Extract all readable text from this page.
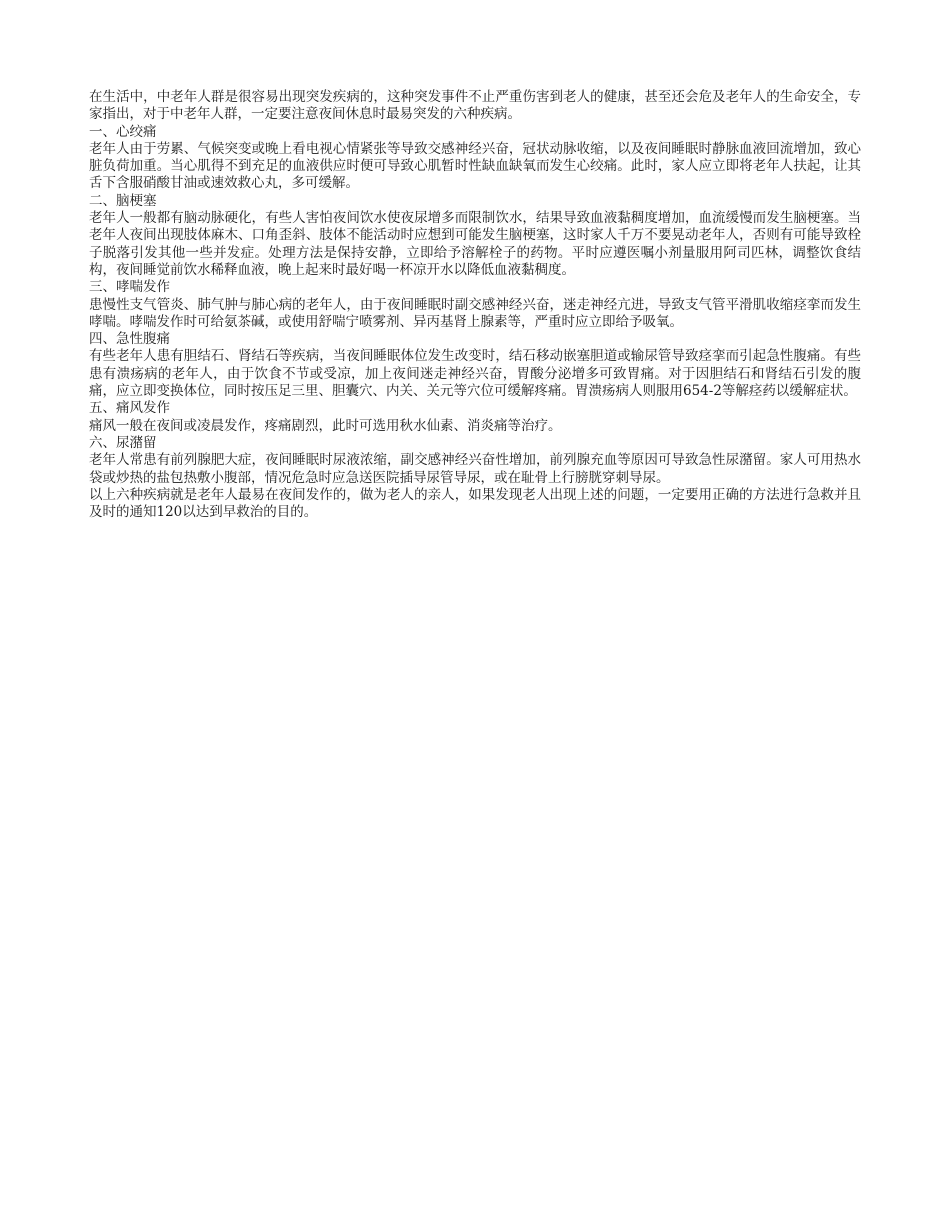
在生活中，中老年人群是很容易出现突发疾病的，这种突发事件不止严重伤害到老人的健康，甚至还会危及老年人的生命安全，专家指出，对于中老年人群，一定要注意夜间休息时最易突发的六种疾病。

一、心绞痛

老年人由于劳累、气候突变或晚上看电视心情紧张等导致交感神经兴奋，冠状动脉收缩，以及夜间睡眠时静脉血液回流增加，致心脏负荷加重。当心肌得不到充足的血液供应时便可导致心肌暂时性缺血缺氧而发生心绞痛。此时，家人应立即将老年人扶起，让其舌下含服硝酸甘油或速效救心丸，多可缓解。

二、脑梗塞

老年人一般都有脑动脉硬化，有些人害怕夜间饮水使夜尿增多而限制饮水，结果导致血液黏稠度增加，血流缓慢而发生脑梗塞。当老年人夜间出现肢体麻木、口角歪斜、肢体不能活动时应想到可能发生脑梗塞，这时家人千万不要晃动老年人，否则有可能导致栓子脱落引发其他一些并发症。处理方法是保持安静，立即给予溶解栓子的药物。平时应遵医嘱小剂量服用阿司匹林，调整饮食结构，夜间睡觉前饮水稀释血液，晚上起来时最好喝一杯凉开水以降低血液黏稠度。

三、哮喘发作

患慢性支气管炎、肺气肿与肺心病的老年人，由于夜间睡眠时副交感神经兴奋，迷走神经亢进，导致支气管平滑肌收缩痉挛而发生哮喘。哮喘发作时可给氨茶碱，或使用舒喘宁喷雾剂、异丙基肾上腺素等，严重时应立即给予吸氧。

四、急性腹痛

有些老年人患有胆结石、肾结石等疾病，当夜间睡眠体位发生改变时，结石移动嵌塞胆道或输尿管导致痉挛而引起急性腹痛。有些患有溃疡病的老年人，由于饮食不节或受凉，加上夜间迷走神经兴奋，胃酸分泌增多可致胃痛。对于因胆结石和肾结石引发的腹痛，应立即变换体位，同时按压足三里、胆囊穴、内关、关元等穴位可缓解疼痛。胃溃疡病人则服用654-2等解痉药以缓解症状。

五、痛风发作

痛风一般在夜间或凌晨发作，疼痛剧烈，此时可选用秋水仙素、消炎痛等治疗。

六、尿潴留

老年人常患有前列腺肥大症，夜间睡眠时尿液浓缩，副交感神经兴奋性增加，前列腺充血等原因可导致急性尿潴留。家人可用热水袋或炒热的盐包热敷小腹部，情况危急时应急送医院插导尿管导尿，或在耻骨上行膀胱穿刺导尿。

以上六种疾病就是老年人最易在夜间发作的，做为老人的亲人，如果发现老人出现上述的问题，一定要用正确的方法进行急救并且及时的通知120以达到早救治的目的。
